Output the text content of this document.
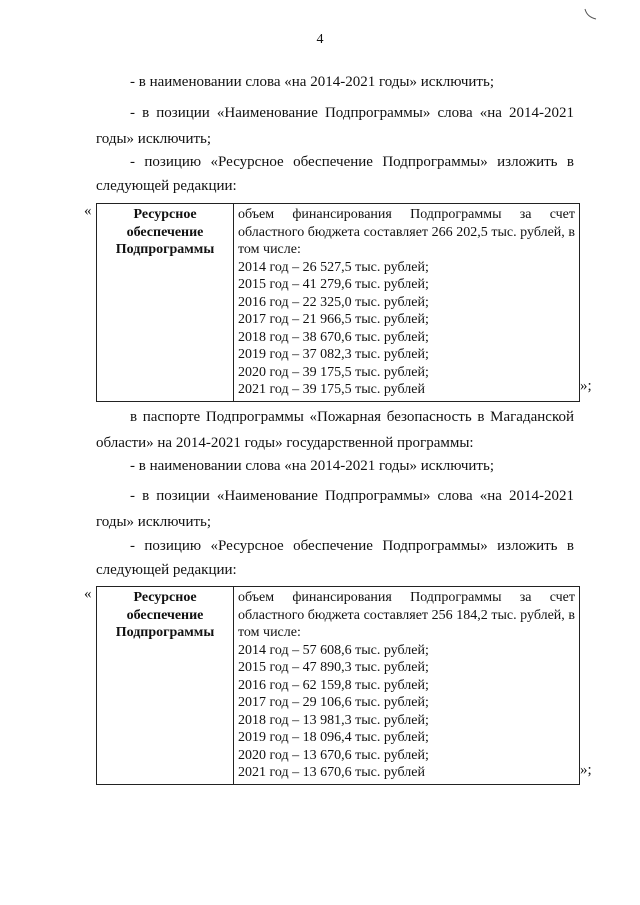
4

- в наименовании слова «на 2014-2021 годы» исключить;

- в позиции «Наименование Подпрограммы» слова «на 2014-2021 годы» исключить;

- позицию «Ресурсное обеспечение Подпрограммы» изложить в следующей редакции:

«	Ресурсное
обеспечение
Подпрограммы

объем финансирования Подпрограммы за счет областного бюджета составляет 266 202,5 тыс. рублей, в том числе:
2014 год – 26 527,5 тыс. рублей;
2015 год – 41 279,6 тыс. рублей;
2016 год – 22 325,0 тыс. рублей;
2017 год – 21 966,5 тыс. рублей;
2018 год – 38 670,6 тыс. рублей;
2019 год – 37 082,3 тыс. рублей;
2020 год – 39 175,5 тыс. рублей;
2021 год – 39 175,5 тыс. рублей	»;

в паспорте Подпрограммы «Пожарная безопасность в Магаданской области» на 2014-2021 годы» государственной программы:

- в наименовании слова «на 2014-2021 годы» исключить;

- в позиции «Наименование Подпрограммы» слова «на 2014-2021 годы» исключить;

- позицию «Ресурсное обеспечение Подпрограммы» изложить в следующей редакции:

«	Ресурсное
обеспечение
Подпрограммы

объем финансирования Подпрограммы за счет областного бюджета составляет 256 184,2 тыс. рублей, в том числе:
2014 год – 57 608,6 тыс. рублей;
2015 год – 47 890,3 тыс. рублей;
2016 год – 62 159,8 тыс. рублей;
2017 год – 29 106,6 тыс. рублей;
2018 год – 13 981,3 тыс. рублей;
2019 год – 18 096,4 тыс. рублей;
2020 год – 13 670,6 тыс. рублей;
2021 год – 13 670,6 тыс. рублей	»;
